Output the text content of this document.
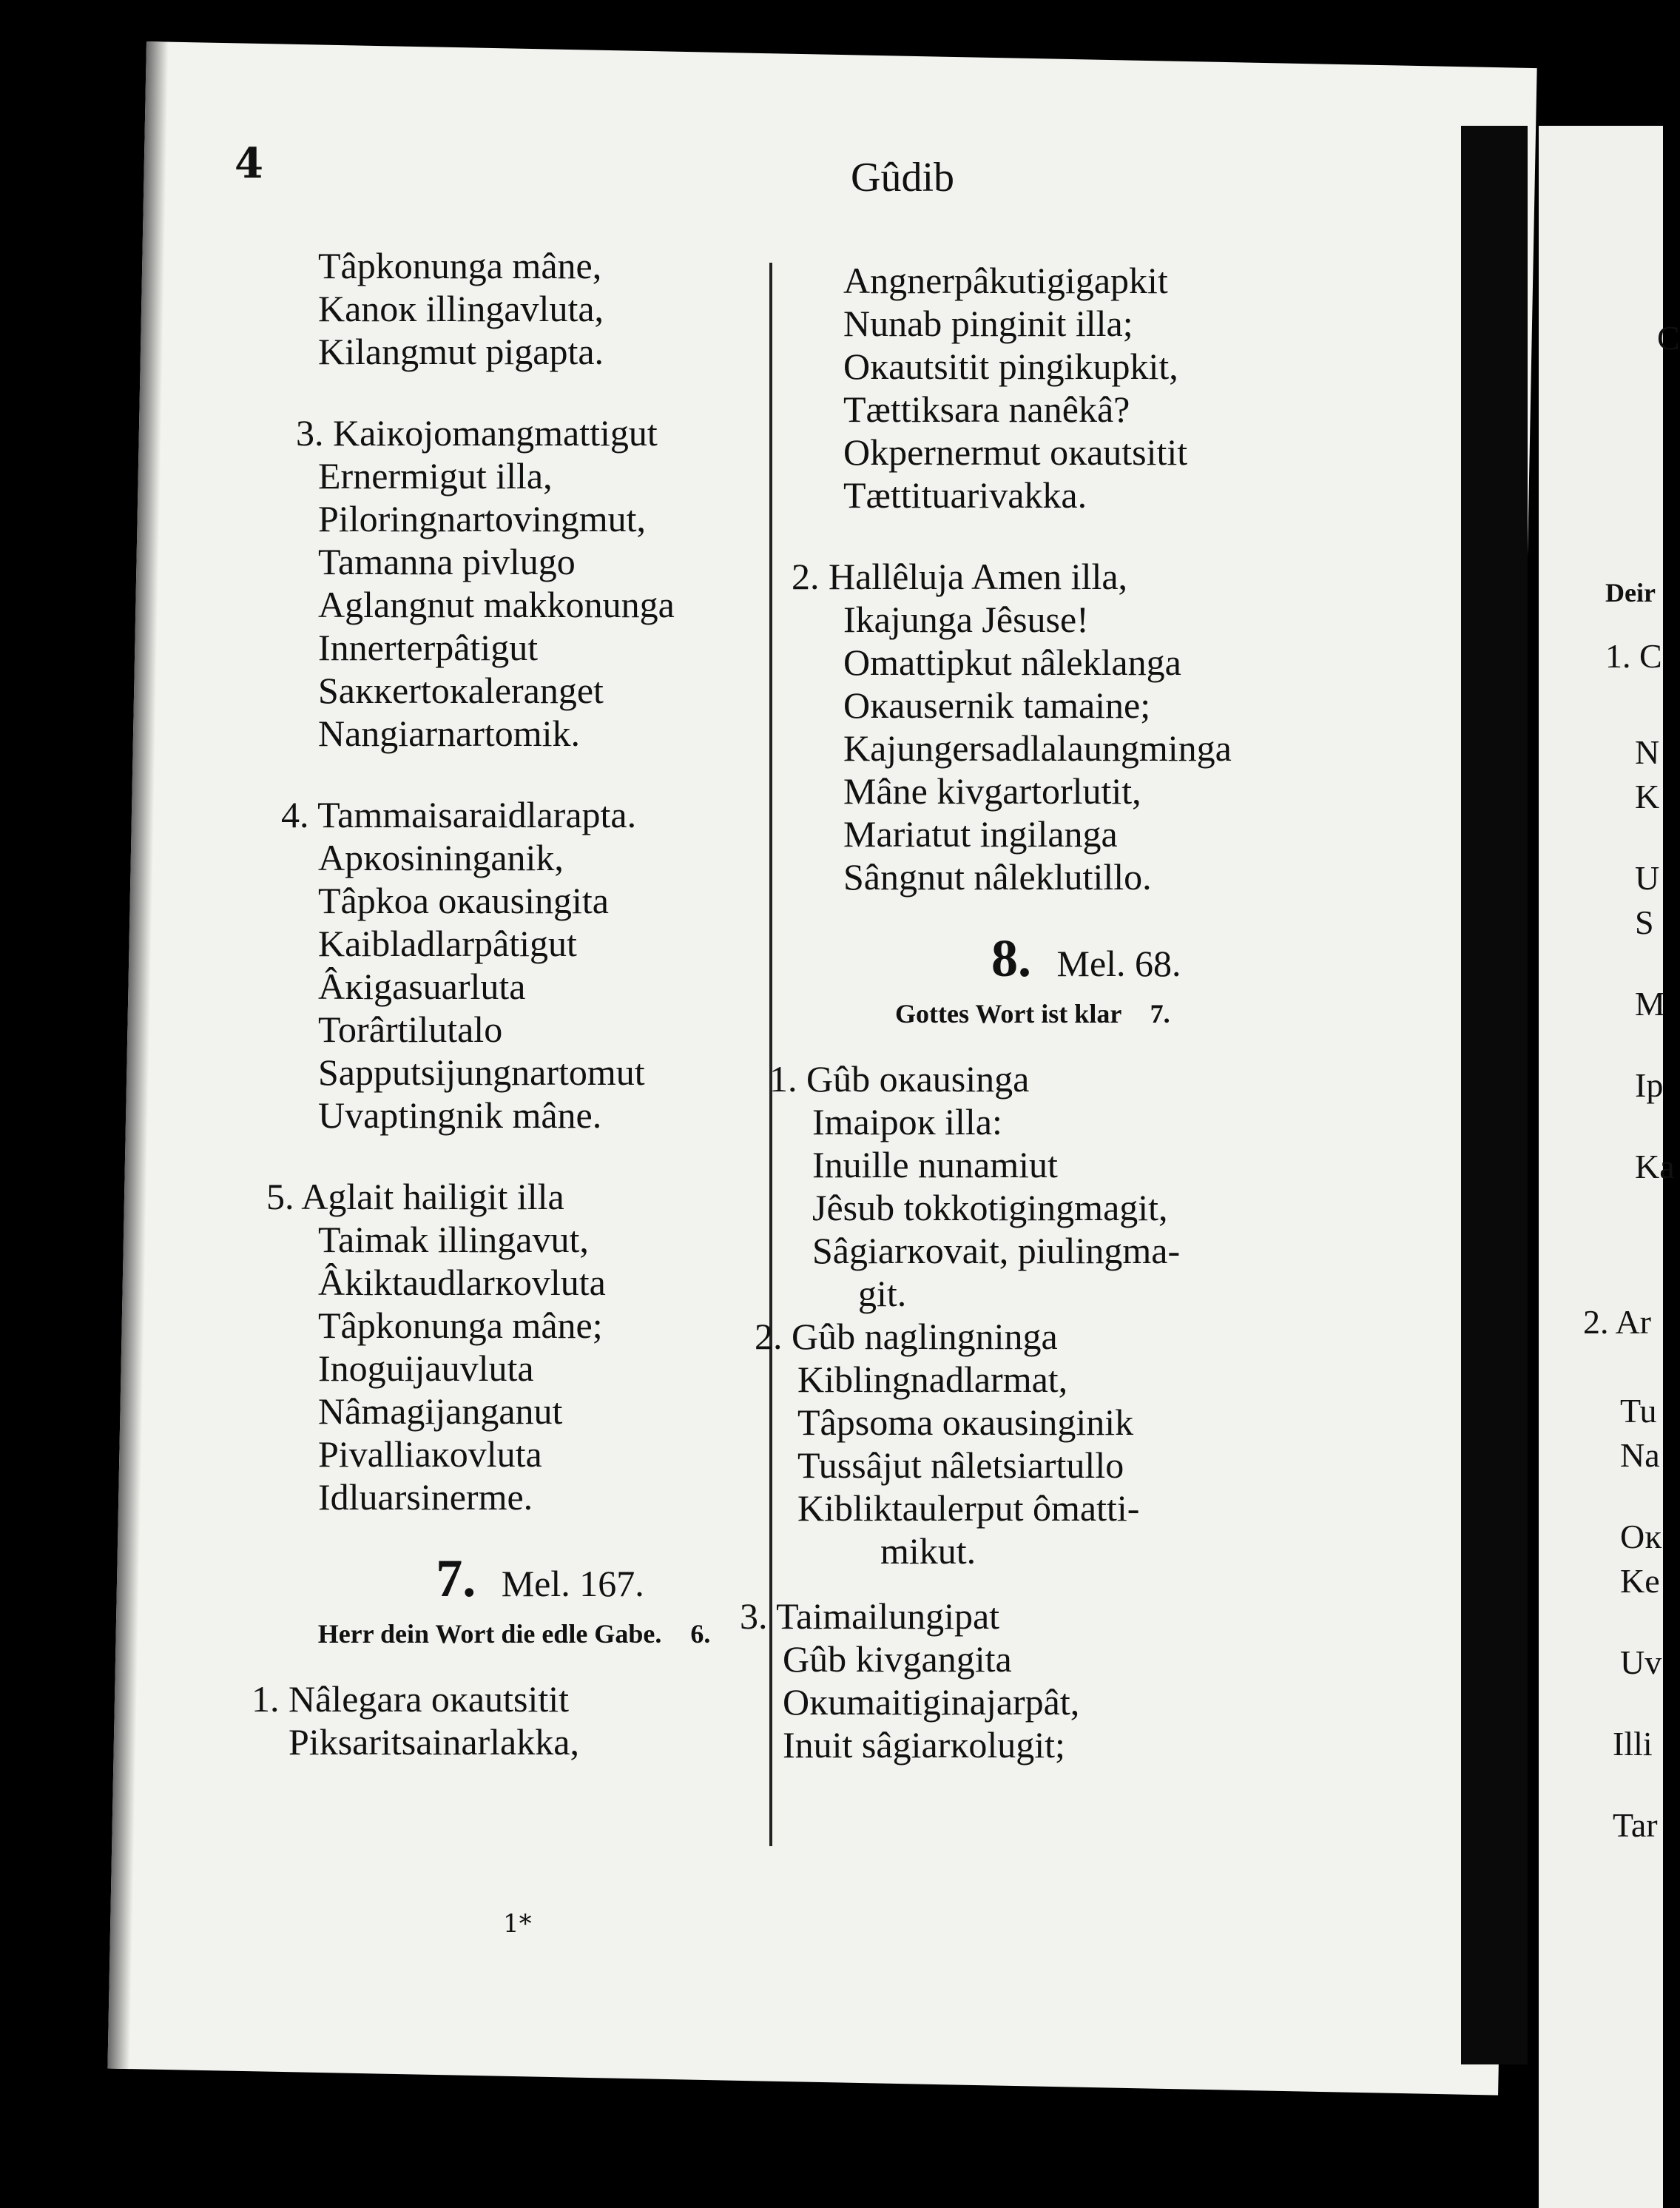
4	Gûdib
Tâpkonunga mâne,
Kanoĸ illingavluta,
Kilangmut pigapta.
3. Kaiĸojomangmattigut
Ernermigut illa,
Piloringnartovingmut,
Tamanna pivlugo
Aglangnut makkonunga
Innerterpâtigut
Saĸĸertoĸaleranget
Nangiarnartomik.
4. Tammaisaraidlarapta.
Apĸosininganik,
Tâpkoa oĸausingita
Kaibladlarpâtigut
Âĸigasuarluta
Torârtilutalo
Sapputsijungnartomut
Uvaptingnik mâne.
5. Aglait hailigit illa
Taimak illingavut,
Âkiktaudlarĸovluta
Tâpkonunga mâne;
Inoguijauvluta
Nâmagijanganut
Pivalliaĸovluta
Idluarsinerme.
7. Mel. 167.
Herr dein Wort die edle Gabe. 6.
1. Nâlegara oĸautsitit
Piksaritsainarlakka,
Angnerpâkutigigapkit
Nunab pinginit illa;
Oĸautsitit pingikupkit,
Tættiksara nanêkâ?
Okpernermut oĸautsitit
Tættituarivakka.
2. Hallêluja Amen illa,
Ikajunga Jêsuse!
Omattipkut nâleklanga
Oĸausernik tamaine;
Kajungersadlalaungminga
Mâne kivgartorlutit,
Mariatut ingilanga
Sângnut nâleklutillo.
8. Mel. 68.
Gottes Wort ist klar 7.
1. Gûb oĸausinga
Imaipoĸ illa:
Inuille nunamiut
Jêsub tokkotigingmagit,
Sâgiarĸovait, piulingma-
git.
2. Gûb naglingninga
Kiblingnadlarmat,
Tâpsoma oĸausinginik
Tussâjut nâletsiartullo
Kibliktaulerput ômatti-
mikut.
3. Taimailungipat
Gûb kivgangita
Oĸumaitiginajarpât,
Inuit sâgiarĸolugit;
1*
C
Deir
1. C
N
K
U
S
M
Ip
Ka
2. Ar
Tu
Na
Oĸ
Ke
Uv
Illi
Tar
